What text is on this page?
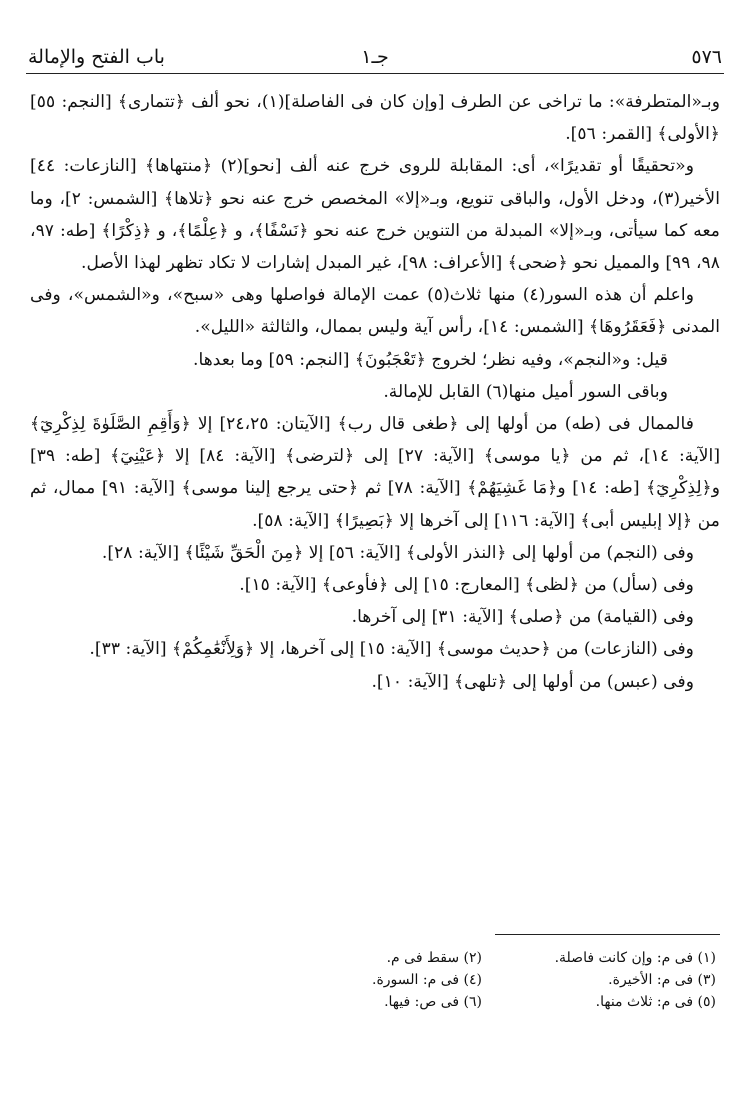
٥٧٦
جـ١
باب الفتح والإمالة

وبـ«المتطرفة»: ما تراخى عن الطرف [وإن كان فى الفاصلة](١)، نحو ألف ﴿تتمارى﴾ [النجم: ٥٥] ﴿الأولى﴾ [القمر: ٥٦].

و«تحقيقًا أو تقديرًا»، أى: المقابلة للروى خرج عنه ألف [نحو](٢) ﴿منتهاها﴾ [النازعات: ٤٤] الأخير(٣)، ودخل الأول، والباقى تنويع، وبـ«إلا» المخصص خرج عنه نحو ﴿تلاها﴾ [الشمس: ٢]، وما معه كما سيأتى، وبـ«إلا» المبدلة من التنوين خرج عنه نحو ﴿نَسْفًا﴾، و ﴿عِلْمًا﴾، و ﴿ذِكْرًا﴾ [طه: ٩٧، ٩٨، ٩٩] والمميل نحو ﴿ضحى﴾ [الأعراف: ٩٨]، غير المبدل إشارات لا تكاد تظهر لهذا الأصل.

واعلم أن هذه السور(٤) منها ثلاث(٥) عمت الإمالة فواصلها وهى «سبح»، و«الشمس»، وفى المدنى ﴿فَعَقَرُوهَا﴾ [الشمس: ١٤]، رأس آية وليس بممال، والثالثة «الليل».

قيل: و«النجم»، وفيه نظر؛ لخروج ﴿تَعْجَبُونَ﴾ [النجم: ٥٩] وما بعدها.

وباقى السور أميل منها(٦) القابل للإمالة.

فالممال فى (طه) من أولها إلى ﴿طغى قال رب﴾ [الآيتان: ٢٤،٢٥] إلا ﴿وَأَقِمِ الصَّلَوٰةَ لِذِكْرِيٓ﴾ [الآية: ١٤]، ثم من ﴿يا موسى﴾ [الآية: ٢٧] إلى ﴿لترضى﴾ [الآية: ٨٤] إلا ﴿عَيْنِيٓ﴾ [طه: ٣٩] و﴿لِذِكْرِيٓ﴾ [طه: ١٤] و﴿مَا غَشِيَهُمْ﴾ [الآية: ٧٨] ثم ﴿حتى يرجع إلينا موسى﴾ [الآية: ٩١] ممال، ثم من ﴿إلا إبليس أبى﴾ [الآية: ١١٦] إلى آخرها إلا ﴿بَصِيرًا﴾ [الآية: ٥٨].

وفى (النجم) من أولها إلى ﴿النذر الأولى﴾ [الآية: ٥٦] إلا ﴿مِنَ الْحَقِّ شَيْئًا﴾ [الآية: ٢٨].

وفى (سأل) من ﴿لظى﴾ [المعارج: ١٥] إلى ﴿فأوعى﴾ [الآية: ١٥].

وفى (القيامة) من ﴿صلى﴾ [الآية: ٣١] إلى آخرها.

وفى (النازعات) من ﴿حديث موسى﴾ [الآية: ١٥] إلى آخرها، إلا ﴿وَلِأَنْعَٰمِكُمْ﴾ [الآية: ٣٣].

وفى (عبس) من أولها إلى ﴿تلهى﴾ [الآية: ١٠].

(١) فى م: وإن كانت فاصلة.
(٢) سقط فى م.
(٣) فى م: الأخيرة.
(٤) فى م: السورة.
(٥) فى م: ثلاث منها.
(٦) فى ص: فيها.
